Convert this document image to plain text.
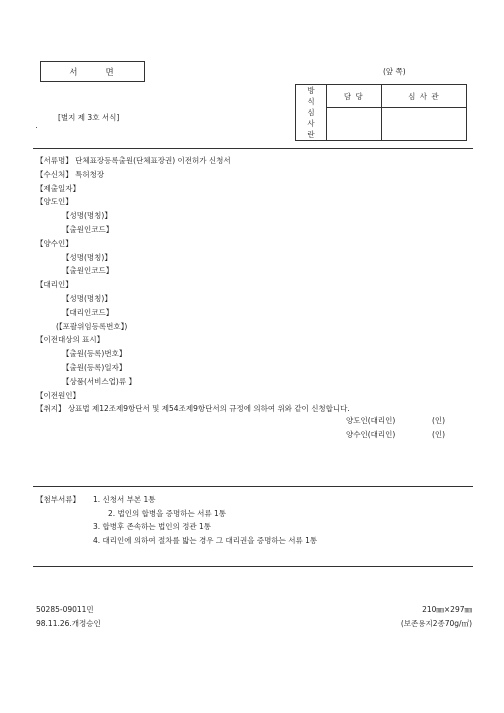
서	면	(앞 쪽)
[별지 제 3호 서식]
방
식
심
사
란	담 당	심 사 관

【서류명】 단체표장등록출원(단체표장권) 이전허가 신청서
【수신처】 특허청장
【제출일자】
【양도인】
【성명(명칭)】
【출원인코드】
【양수인】
【성명(명칭)】
【출원인코드】
【대리인】
【성명(명칭)】
【대리인코드】
(【포괄위임등록번호】)
【이전대상의 표시】
【출원(등록)번호】
【출원(등록)일자】
【상품(서비스업)류 】
【이전원인】
【취지】 상표법 제12조제9항단서 및 제54조제9항단서의 규정에 의하여 위와 같이 신청합니다.
양도인(대리인)	(인)
양수인(대리인)	(인)
【첨부서류】 1. 신청서 부본 1통
2. 법인의 합병을 증명하는 서류 1통
3. 합병후 존속하는 법인의 정관 1통
4. 대리인에 의하여 절차를 밟는 경우 그 대리권을 증명하는 서류 1통
50285-09011민
98.11.26.개정승인
210㎜×297㎜
(보존용지2종70g/㎡)
